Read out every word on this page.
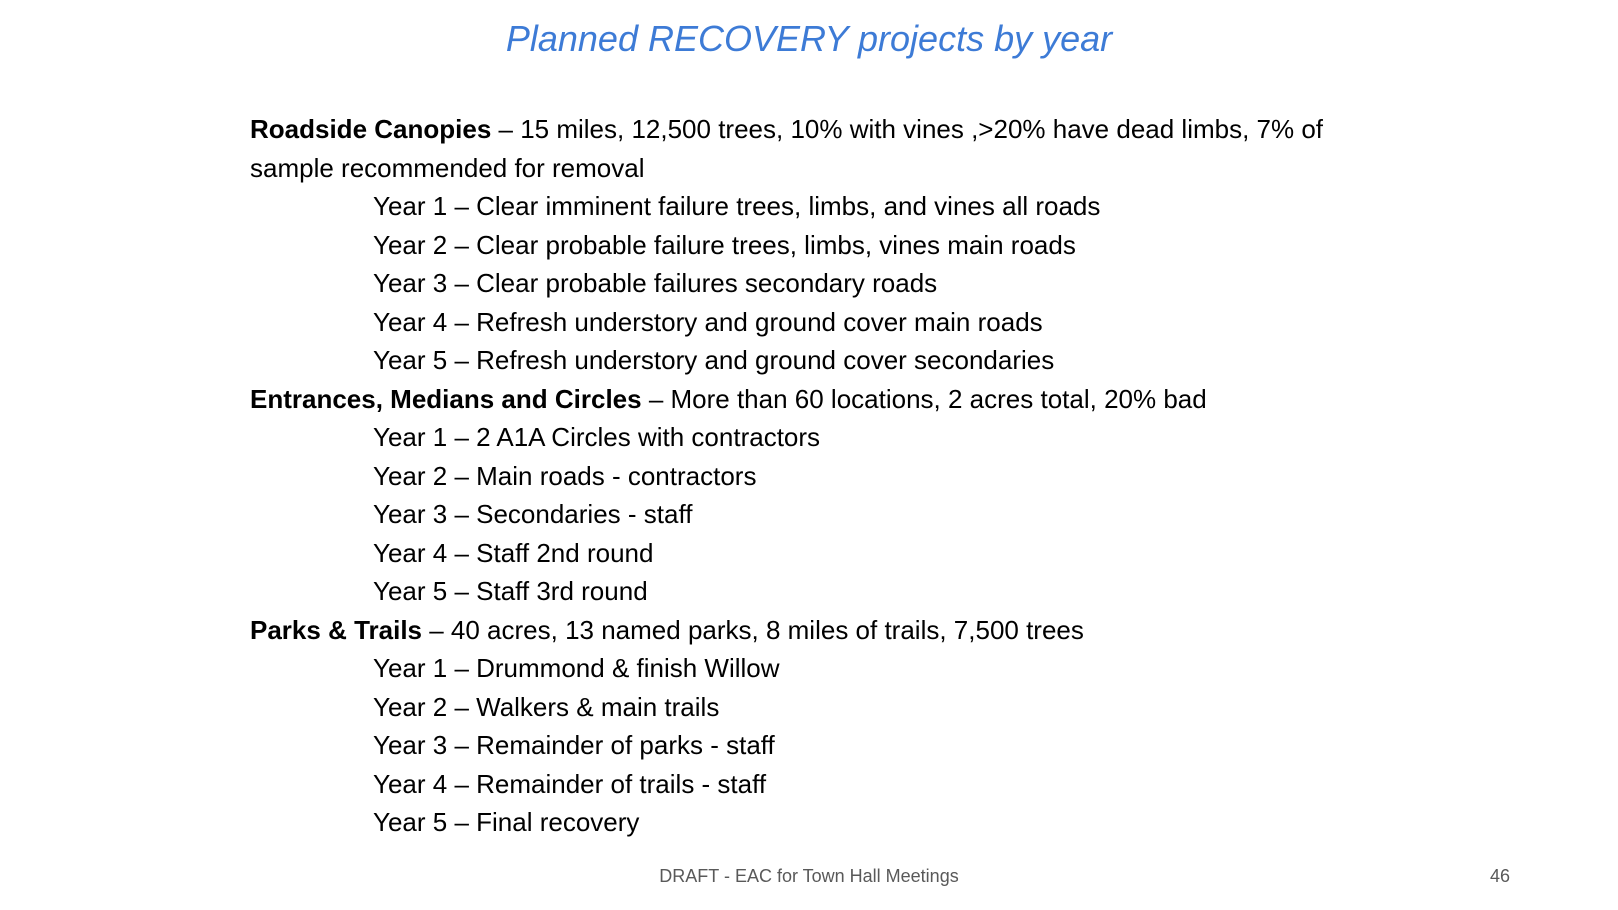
Planned RECOVERY projects by year

Roadside Canopies – 15 miles, 12,500 trees, 10% with vines ,>20% have dead limbs, 7% of sample recommended for removal

Year 1 – Clear imminent failure trees, limbs, and vines all roads
Year 2 – Clear probable failure trees, limbs, vines main roads
Year 3 – Clear probable failures secondary roads
Year 4 – Refresh understory and ground cover main roads
Year 5 – Refresh understory and ground cover secondaries

Entrances, Medians and Circles – More than 60 locations, 2 acres total, 20% bad

Year 1 – 2 A1A Circles with contractors
Year 2 – Main roads - contractors
Year 3 – Secondaries - staff
Year 4 – Staff 2nd round
Year 5 – Staff 3rd round

Parks & Trails – 40 acres, 13 named parks, 8 miles of trails, 7,500 trees

Year 1 – Drummond & finish Willow
Year 2 – Walkers & main trails
Year 3 – Remainder of parks - staff
Year 4 – Remainder of trails - staff
Year 5 – Final recovery
DRAFT - EAC for Town Hall Meetings	46
